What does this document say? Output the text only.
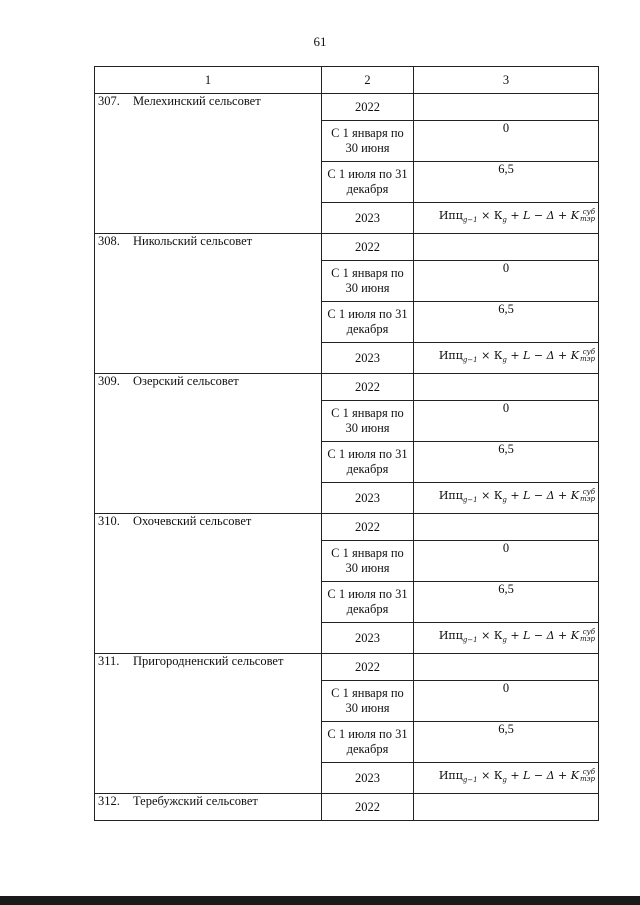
61
1	2	3
307. Мелехинский сельсовет	2022	
	С 1 января по 30 июня	0
	С 1 июля по 31 декабря	6,5
	2023	$Ипц_{g-1} \times К_g + L - \Delta + K$ суб
тэр

308. Никольский сельсовет	2022	
	С 1 января по 30 июня	0
	С 1 июля по 31 декабря	6,5
	2023	$Ипц_{g-1} \times К_g + L - \Delta + K$ суб
тэр

309. Озерский сельсовет	2022	
	С 1 января по 30 июня	0
	С 1 июля по 31 декабря	6,5
	2023	$Ипц_{g-1} \times К_g + L - \Delta + K$ суб
тэр

310. Охочевский сельсовет	2022	
	С 1 января по 30 июня	0
	С 1 июля по 31 декабря	6,5
	2023	$Ипц_{g-1} \times К_g + L - \Delta + K$ суб
тэр

311. Пригородненский сельсовет	2022	
	С 1 января по 30 июня	0
	С 1 июля по 31 декабря	6,5
	2023	$Ипц_{g-1} \times К_g + L - \Delta + K$ суб
тэр

312. Теребужский сельсовет	2022	
